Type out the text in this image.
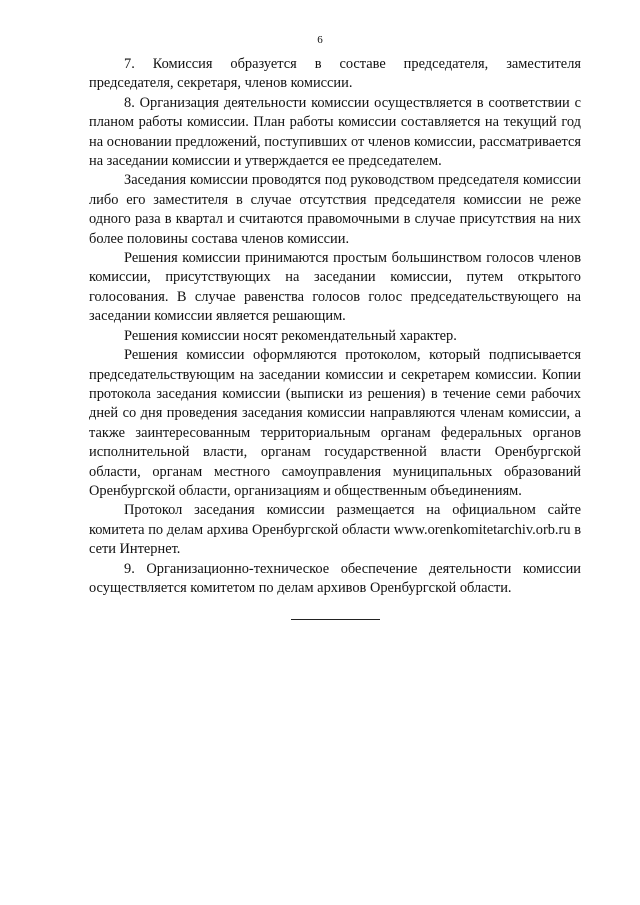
6

7. Комиссия образуется в составе председателя, заместителя председателя, секретаря, членов комиссии.

8. Организация деятельности комиссии осуществляется в соответствии с планом работы комиссии. План работы комиссии составляется на текущий год на основании предложений, поступивших от членов комиссии, рассматривается на заседании комиссии и утверждается ее председателем.

Заседания комиссии проводятся под руководством председателя комиссии либо его заместителя в случае отсутствия председателя комиссии не реже одного раза в квартал и считаются правомочными в случае присутствия на них более половины состава членов комиссии.

Решения комиссии принимаются простым большинством голосов членов комиссии, присутствующих на заседании комиссии, путем открытого голосования. В случае равенства голосов голос председательствующего на заседании комиссии является решающим.

Решения комиссии носят рекомендательный характер.

Решения комиссии оформляются протоколом, который подписывается председательствующим на заседании комиссии и секретарем комиссии. Копии протокола заседания комиссии (выписки из решения) в течение семи рабочих дней со дня проведения заседания комиссии направляются членам комиссии, а также заинтересованным территориальным органам федеральных органов исполнительной власти, органам государственной власти Оренбургской области, органам местного самоуправления муниципальных образований Оренбургской области, организациям и общественным объединениям.

Протокол заседания комиссии размещается на официальном сайте комитета по делам архива Оренбургской области www.orenkomitetarchiv.orb.ru в сети Интернет.

9. Организационно-техническое обеспечение деятельности комиссии осуществляется комитетом по делам архивов Оренбургской области.
